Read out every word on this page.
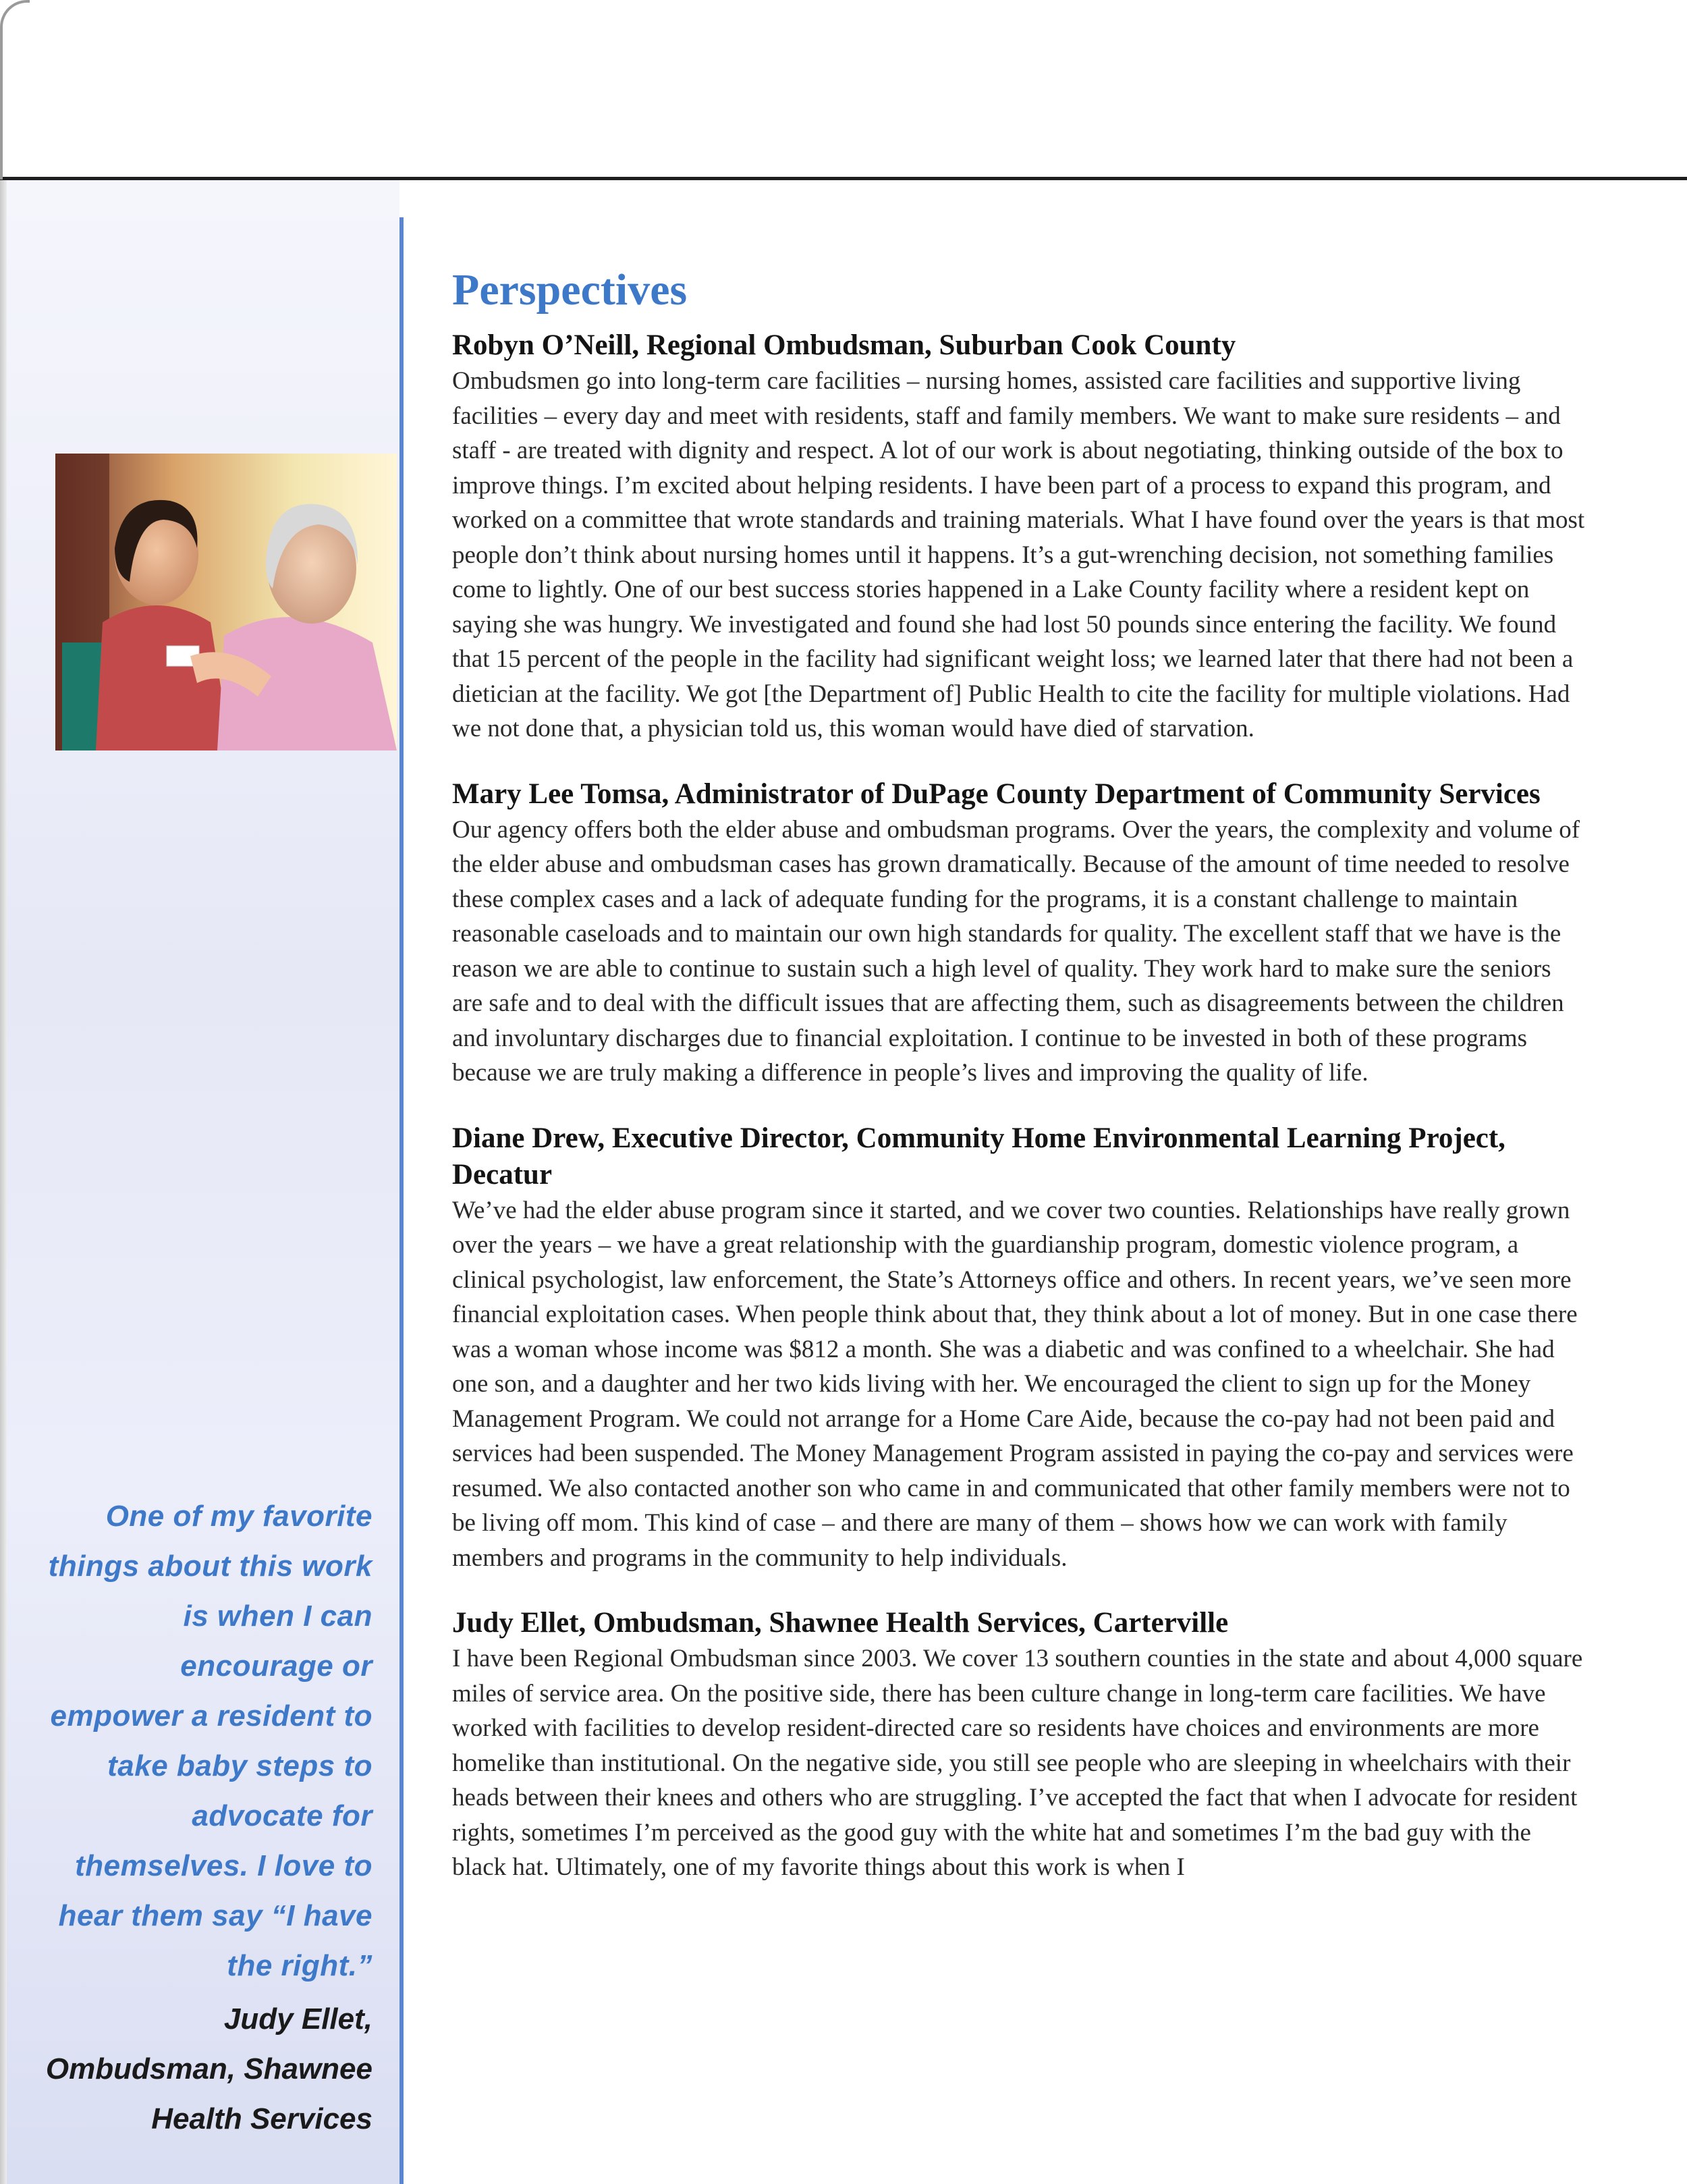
One of my favorite things about this work is when I can encourage or empower a resident to take baby steps to advocate for themselves. I love to hear them say “I have the right.”
Judy Ellet, Ombudsman, Shawnee Health Services
Perspectives
Robyn O’Neill, Regional Ombudsman, Suburban Cook County

Ombudsmen go into long-term care facilities – nursing homes, assisted care facilities and supportive living facilities – every day and meet with residents, staff and family members. We want to make sure residents – and staff - are treated with dignity and respect. A lot of our work is about negotiating, thinking outside of the box to improve things. I’m excited about helping residents. I have been part of a process to expand this program, and worked on a committee that wrote standards and training materials. What I have found over the years is that most people don’t think about nursing homes until it happens. It’s a gut-wrenching decision, not something families come to lightly. One of our best success stories happened in a Lake County facility where a resident kept on saying she was hungry. We investigated and found she had lost 50 pounds since entering the facility. We found that 15 percent of the people in the facility had significant weight loss; we learned later that there had not been a dietician at the facility. We got [the Department of] Public Health to cite the facility for multiple violations. Had we not done that, a physician told us, this woman would have died of starvation.

Mary Lee Tomsa, Administrator of DuPage County Department of Community Services

Our agency offers both the elder abuse and ombudsman programs. Over the years, the complexity and volume of the elder abuse and ombudsman cases has grown dramatically. Because of the amount of time needed to resolve these complex cases and a lack of adequate funding for the programs, it is a constant challenge to maintain reasonable caseloads and to maintain our own high standards for quality. The excellent staff that we have is the reason we are able to continue to sustain such a high level of quality. They work hard to make sure the seniors are safe and to deal with the difficult issues that are affecting them, such as disagreements between the children and involuntary discharges due to financial exploitation. I continue to be invested in both of these programs because we are truly making a difference in people’s lives and improving the quality of life.

Diane Drew, Executive Director, Community Home Environmental Learning Project, Decatur

We’ve had the elder abuse program since it started, and we cover two counties. Relationships have really grown over the years – we have a great relationship with the guardianship program, domestic violence program, a clinical psychologist, law enforcement, the State’s Attorneys office and others. In recent years, we’ve seen more financial exploitation cases. When people think about that, they think about a lot of money. But in one case there was a woman whose income was $812 a month. She was a diabetic and was confined to a wheelchair. She had one son, and a daughter and her two kids living with her. We encouraged the client to sign up for the Money Management Program. We could not arrange for a Home Care Aide, because the co-pay had not been paid and services had been suspended. The Money Management Program assisted in paying the co-pay and services were resumed. We also contacted another son who came in and communicated that other family members were not to be living off mom. This kind of case – and there are many of them – shows how we can work with family members and programs in the community to help individuals.

Judy Ellet, Ombudsman, Shawnee Health Services, Carterville

I have been Regional Ombudsman since 2003. We cover 13 southern counties in the state and about 4,000 square miles of service area. On the positive side, there has been culture change in long-term care facilities. We have worked with facilities to develop resident-directed care so residents have choices and environments are more homelike than institutional. On the negative side, you still see people who are sleeping in wheelchairs with their heads between their knees and others who are struggling. I’ve accepted the fact that when I advocate for resident rights, sometimes I’m perceived as the good guy with the white hat and sometimes I’m the bad guy with the black hat. Ultimately, one of my favorite things about this work is when I
